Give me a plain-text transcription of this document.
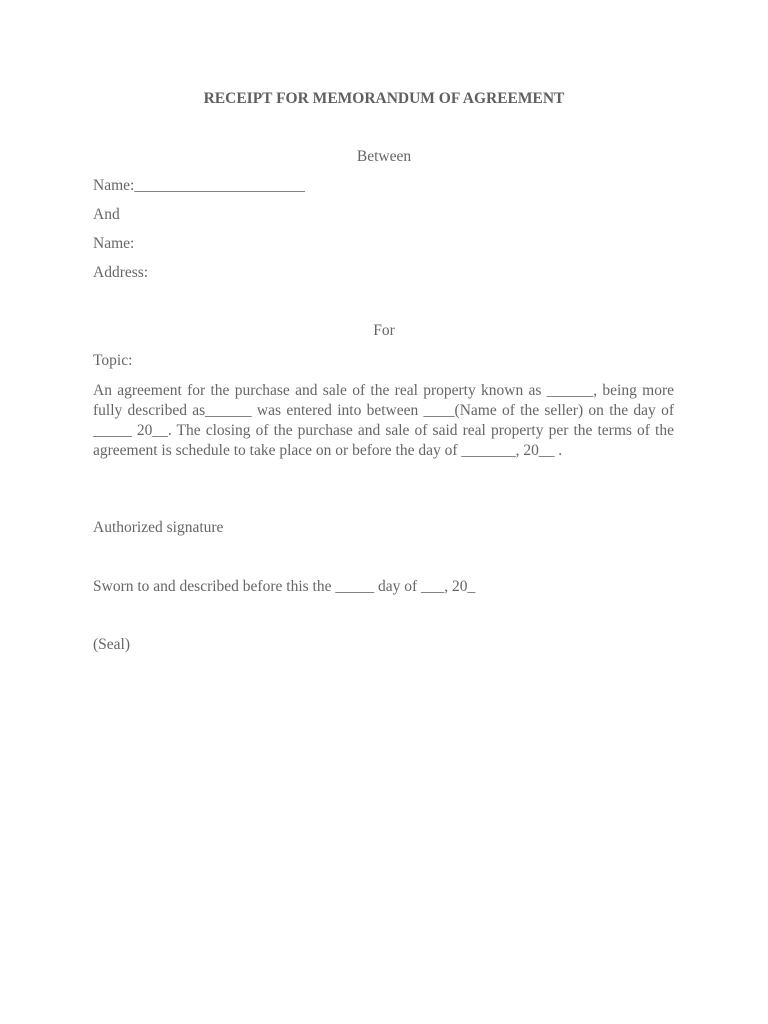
RECEIPT FOR MEMORANDUM OF AGREEMENT
Between
Name:______________________
And
Name:
Address:
For
Topic:
An agreement for the purchase and sale of the real property known as ______, being more fully described as______ was entered into between ____(Name of the seller) on the day of _____ 20__. The closing of the purchase and sale of said real property per the terms of the agreement is schedule to take place on or before the day of _______, 20__ .
Authorized signature
Sworn to and described before this the _____ day of ___, 20_
(Seal)
